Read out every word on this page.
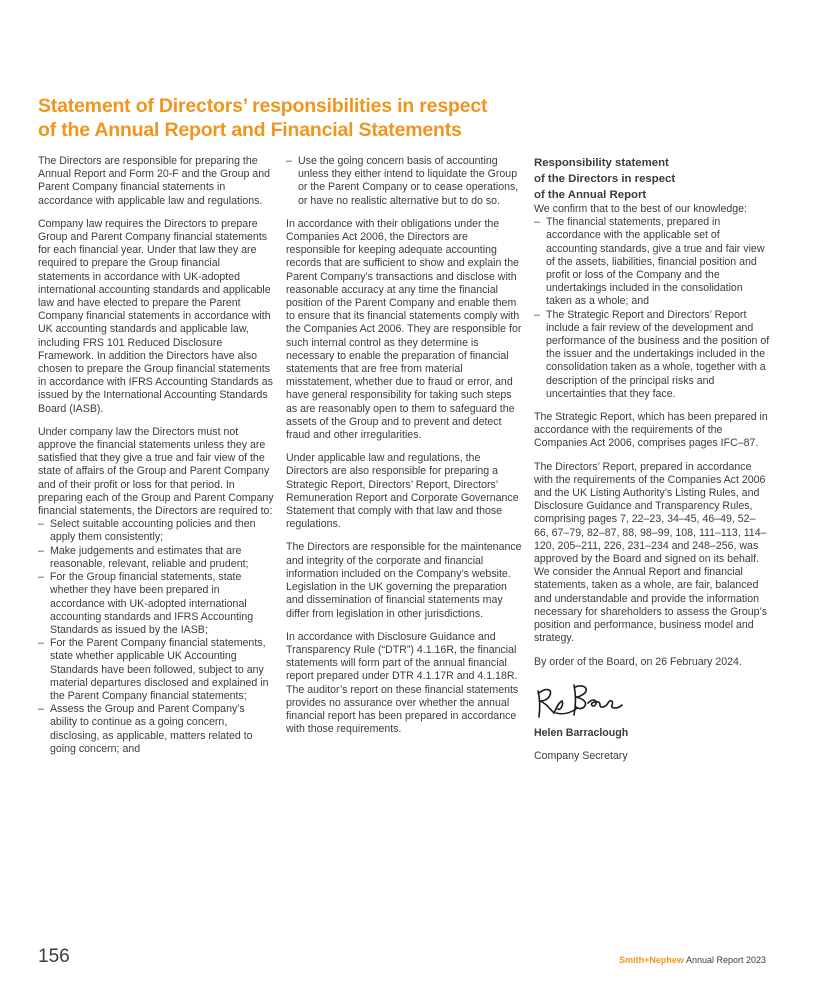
Statement of Directors’ responsibilities in respect
of the Annual Report and Financial Statements

The Directors are responsible for preparing the Annual Report and Form 20-F and the Group and Parent Company financial statements in accordance with applicable law and regulations.

Company law requires the Directors to prepare Group and Parent Company financial statements for each financial year. Under that law they are required to prepare the Group financial statements in accordance with UK-adopted international accounting standards and applicable law and have elected to prepare the Parent Company financial statements in accordance with UK accounting standards and applicable law, including FRS 101 Reduced Disclosure Framework. In addition the Directors have also chosen to prepare the Group financial statements in accordance with IFRS Accounting Standards as issued by the International Accounting Standards Board (IASB).

Under company law the Directors must not approve the financial statements unless they are satisfied that they give a true and fair view of the state of affairs of the Group and Parent Company and of their profit or loss for that period. In preparing each of the Group and Parent Company financial statements, the Directors are required to:

– Select suitable accounting policies and then apply them consistently;
– Make judgements and estimates that are reasonable, relevant, reliable and prudent;
– For the Group financial statements, state whether they have been prepared in accordance with UK-adopted international accounting standards and IFRS Accounting Standards as issued by the IASB;
– For the Parent Company financial statements, state whether applicable UK Accounting Standards have been followed, subject to any material departures disclosed and explained in the Parent Company financial statements;
– Assess the Group and Parent Company’s ability to continue as a going concern, disclosing, as applicable, matters related to going concern; and
– Use the going concern basis of accounting unless they either intend to liquidate the Group or the Parent Company or to cease operations, or have no realistic alternative but to do so.

In accordance with their obligations under the Companies Act 2006, the Directors are responsible for keeping adequate accounting records that are sufficient to show and explain the Parent Company’s transactions and disclose with reasonable accuracy at any time the financial position of the Parent Company and enable them to ensure that its financial statements comply with the Companies Act 2006. They are responsible for such internal control as they determine is necessary to enable the preparation of financial statements that are free from material misstatement, whether due to fraud or error, and have general responsibility for taking such steps as are reasonably open to them to safeguard the assets of the Group and to prevent and detect fraud and other irregularities.

Under applicable law and regulations, the Directors are also responsible for preparing a Strategic Report, Directors’ Report, Directors’ Remuneration Report and Corporate Governance Statement that comply with that law and those regulations.

The Directors are responsible for the maintenance and integrity of the corporate and financial information included on the Company’s website. Legislation in the UK governing the preparation and dissemination of financial statements may differ from legislation in other jurisdictions.

In accordance with Disclosure Guidance and Transparency Rule (“DTR”) 4.1.16R, the financial statements will form part of the annual financial report prepared under DTR 4.1.17R and 4.1.18R. The auditor’s report on these financial statements provides no assurance over whether the annual financial report has been prepared in accordance with those requirements.

Responsibility statement
of the Directors in respect
of the Annual Report

We confirm that to the best of our knowledge:

– The financial statements, prepared in accordance with the applicable set of accounting standards, give a true and fair view of the assets, liabilities, financial position and profit or loss of the Company and the undertakings included in the consolidation taken as a whole; and
– The Strategic Report and Directors’ Report include a fair review of the development and performance of the business and the position of the issuer and the undertakings included in the consolidation taken as a whole, together with a description of the principal risks and uncertainties that they face.

The Strategic Report, which has been prepared in accordance with the requirements of the Companies Act 2006, comprises pages IFC–87.

The Directors’ Report, prepared in accordance with the requirements of the Companies Act 2006 and the UK Listing Authority’s Listing Rules, and Disclosure Guidance and Transparency Rules, comprising pages 7, 22–23, 34–45, 46–49, 52–66, 67–79, 82–87, 88, 98–99, 108, 111–113, 114–120, 205–211, 226, 231–234 and 248–256, was approved by the Board and signed on its behalf. We consider the Annual Report and financial statements, taken as a whole, are fair, balanced and understandable and provide the information necessary for shareholders to assess the Group’s position and performance, business model and strategy.

By order of the Board, on 26 February 2024.

Helen Barraclough

Company Secretary

156	Smith+Nephew Annual Report 2023
